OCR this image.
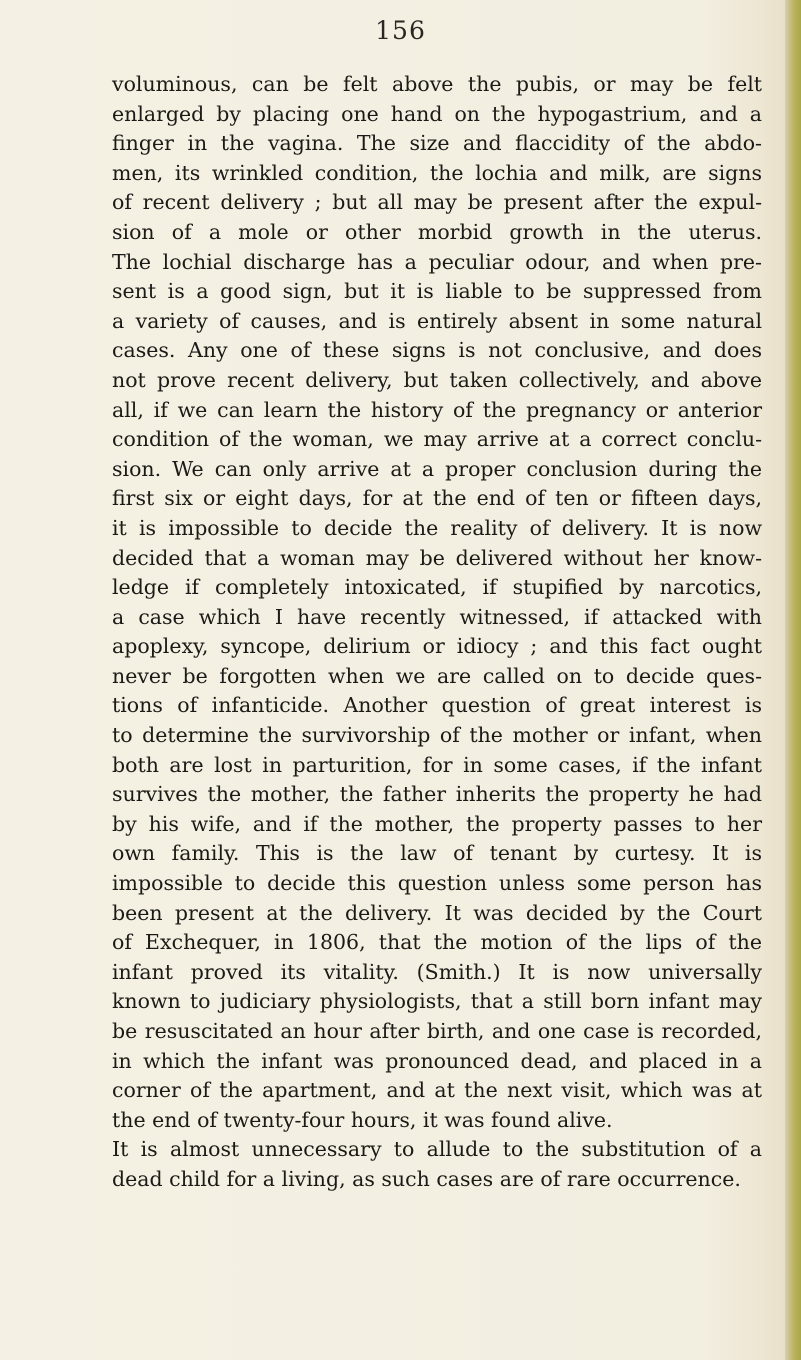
156
voluminous, can be felt above the pubis, or may be felt
enlarged by placing one hand on the hypogastrium, and a
finger in the vagina. The size and flaccidity of the abdo-
men, its wrinkled condition, the lochia and milk, are signs
of recent delivery ; but all may be present after the expul-
sion of a mole or other morbid growth in the uterus.
The lochial discharge has a peculiar odour, and when pre-
sent is a good sign, but it is liable to be suppressed from
a variety of causes, and is entirely absent in some natural
cases. Any one of these signs is not conclusive, and does
not prove recent delivery, but taken collectively, and above
all, if we can learn the history of the pregnancy or anterior
condition of the woman, we may arrive at a correct conclu-
sion. We can only arrive at a proper conclusion during the
first six or eight days, for at the end of ten or fifteen days,
it is impossible to decide the reality of delivery. It is now
decided that a woman may be delivered without her know-
ledge if completely intoxicated, if stupified by narcotics,
a case which I have recently witnessed, if attacked with
apoplexy, syncope, delirium or idiocy ; and this fact ought
never be forgotten when we are called on to decide ques-
tions of infanticide. Another question of great interest is
to determine the survivorship of the mother or infant, when
both are lost in parturition, for in some cases, if the infant
survives the mother, the father inherits the property he had
by his wife, and if the mother, the property passes to her
own family. This is the law of tenant by curtesy. It is
impossible to decide this question unless some person has
been present at the delivery. It was decided by the Court
of Exchequer, in 1806, that the motion of the lips of the
infant proved its vitality. (Smith.) It is now universally
known to judiciary physiologists, that a still born infant may
be resuscitated an hour after birth, and one case is recorded,
in which the infant was pronounced dead, and placed in a
corner of the apartment, and at the next visit, which was at
the end of twenty-four hours, it was found alive.
It is almost unnecessary to allude to the substitution of a
dead child for a living, as such cases are of rare occurrence.
